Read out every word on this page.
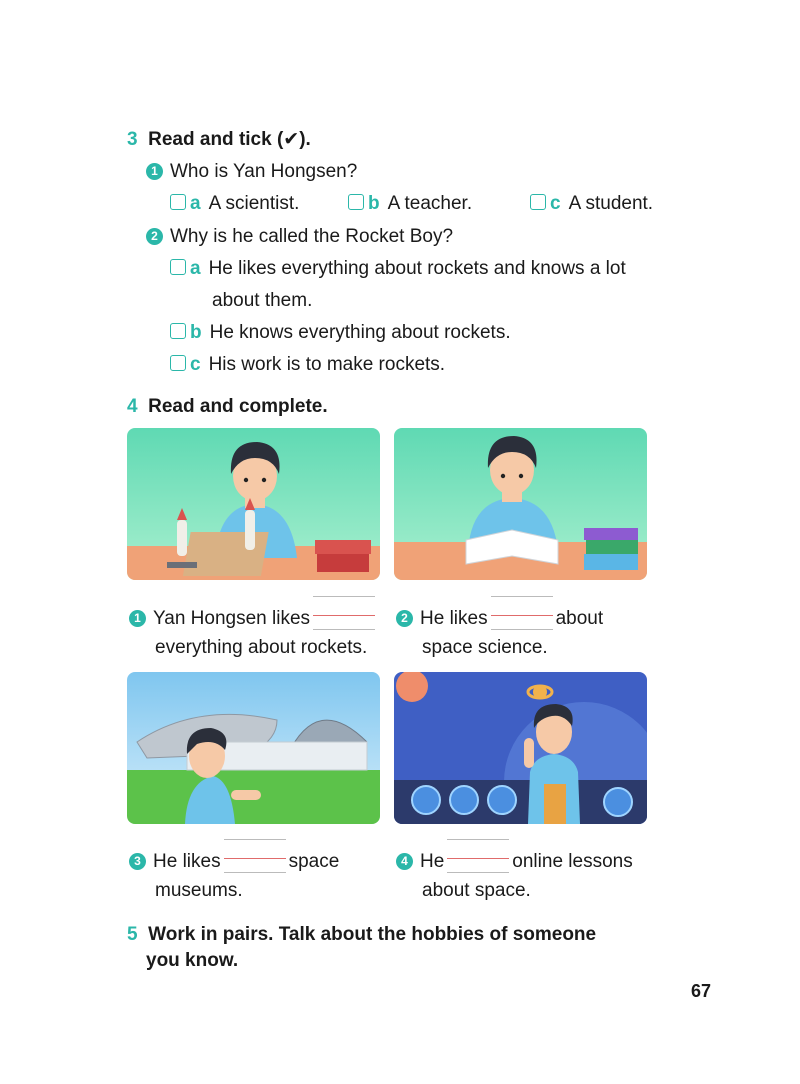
3 Read and tick (✔).
1 Who is Yan Hongsen?
a A scientist.	b A teacher.	c A student.
2 Why is he called the Rocket Boy?
a He likes everything about rockets and knows a lot
about them.
b He knows everything about rockets.
c His work is to make rockets.
4 Read and complete.
1 Yan Hongsen likes
everything about rockets.
2 He likes	about
space science.
3 He likes	space
museums.
4 He	online lessons
about space.
5 Work in pairs. Talk about the hobbies of someone
you know.
67
